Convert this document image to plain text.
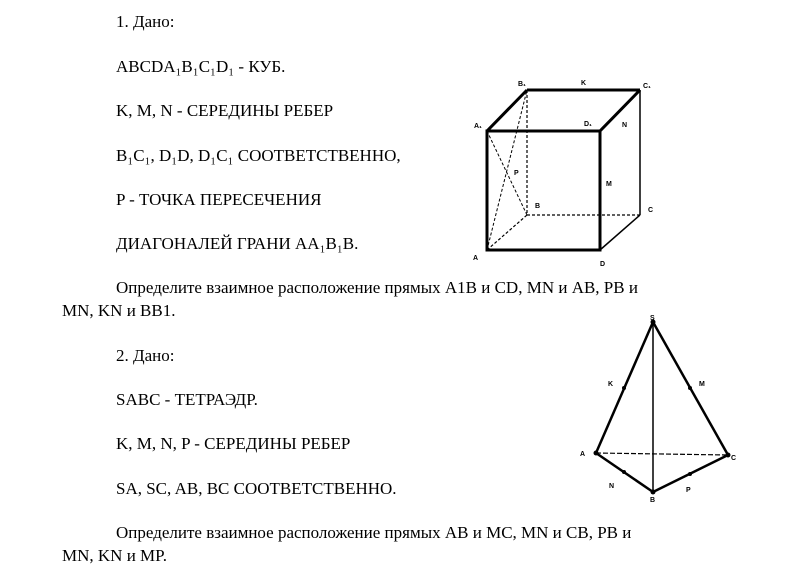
1. Дано:
ABCDA₁B₁C₁D₁ - КУБ.
K, M, N - СЕРЕДИНЫ РЕБЕР
B₁C₁, D₁D, D₁C₁ СООТВЕТСТВЕННО,
P - ТОЧКА ПЕРЕСЕЧЕНИЯ
ДИАГОНАЛЕЙ ГРАНИ AA₁B₁B.
Определите взаимное расположение прямых A1B и CD, MN и AB, PB и
MN, KN и BB1.
2. Дано:
SABC - ТЕТРАЭДР.
K, M, N, P - СЕРЕДИНЫ РЕБЕР
SA, SC, AB, BC СООТВЕТСТВЕННО.
Определите взаимное расположение прямых AB и MC, MN и CB, PB и
MN, KN и MP.
B₁	K	C₁
A₁	D₁	N
P
M
B
C
A
D
S
K	M
A
C
N
P
B
